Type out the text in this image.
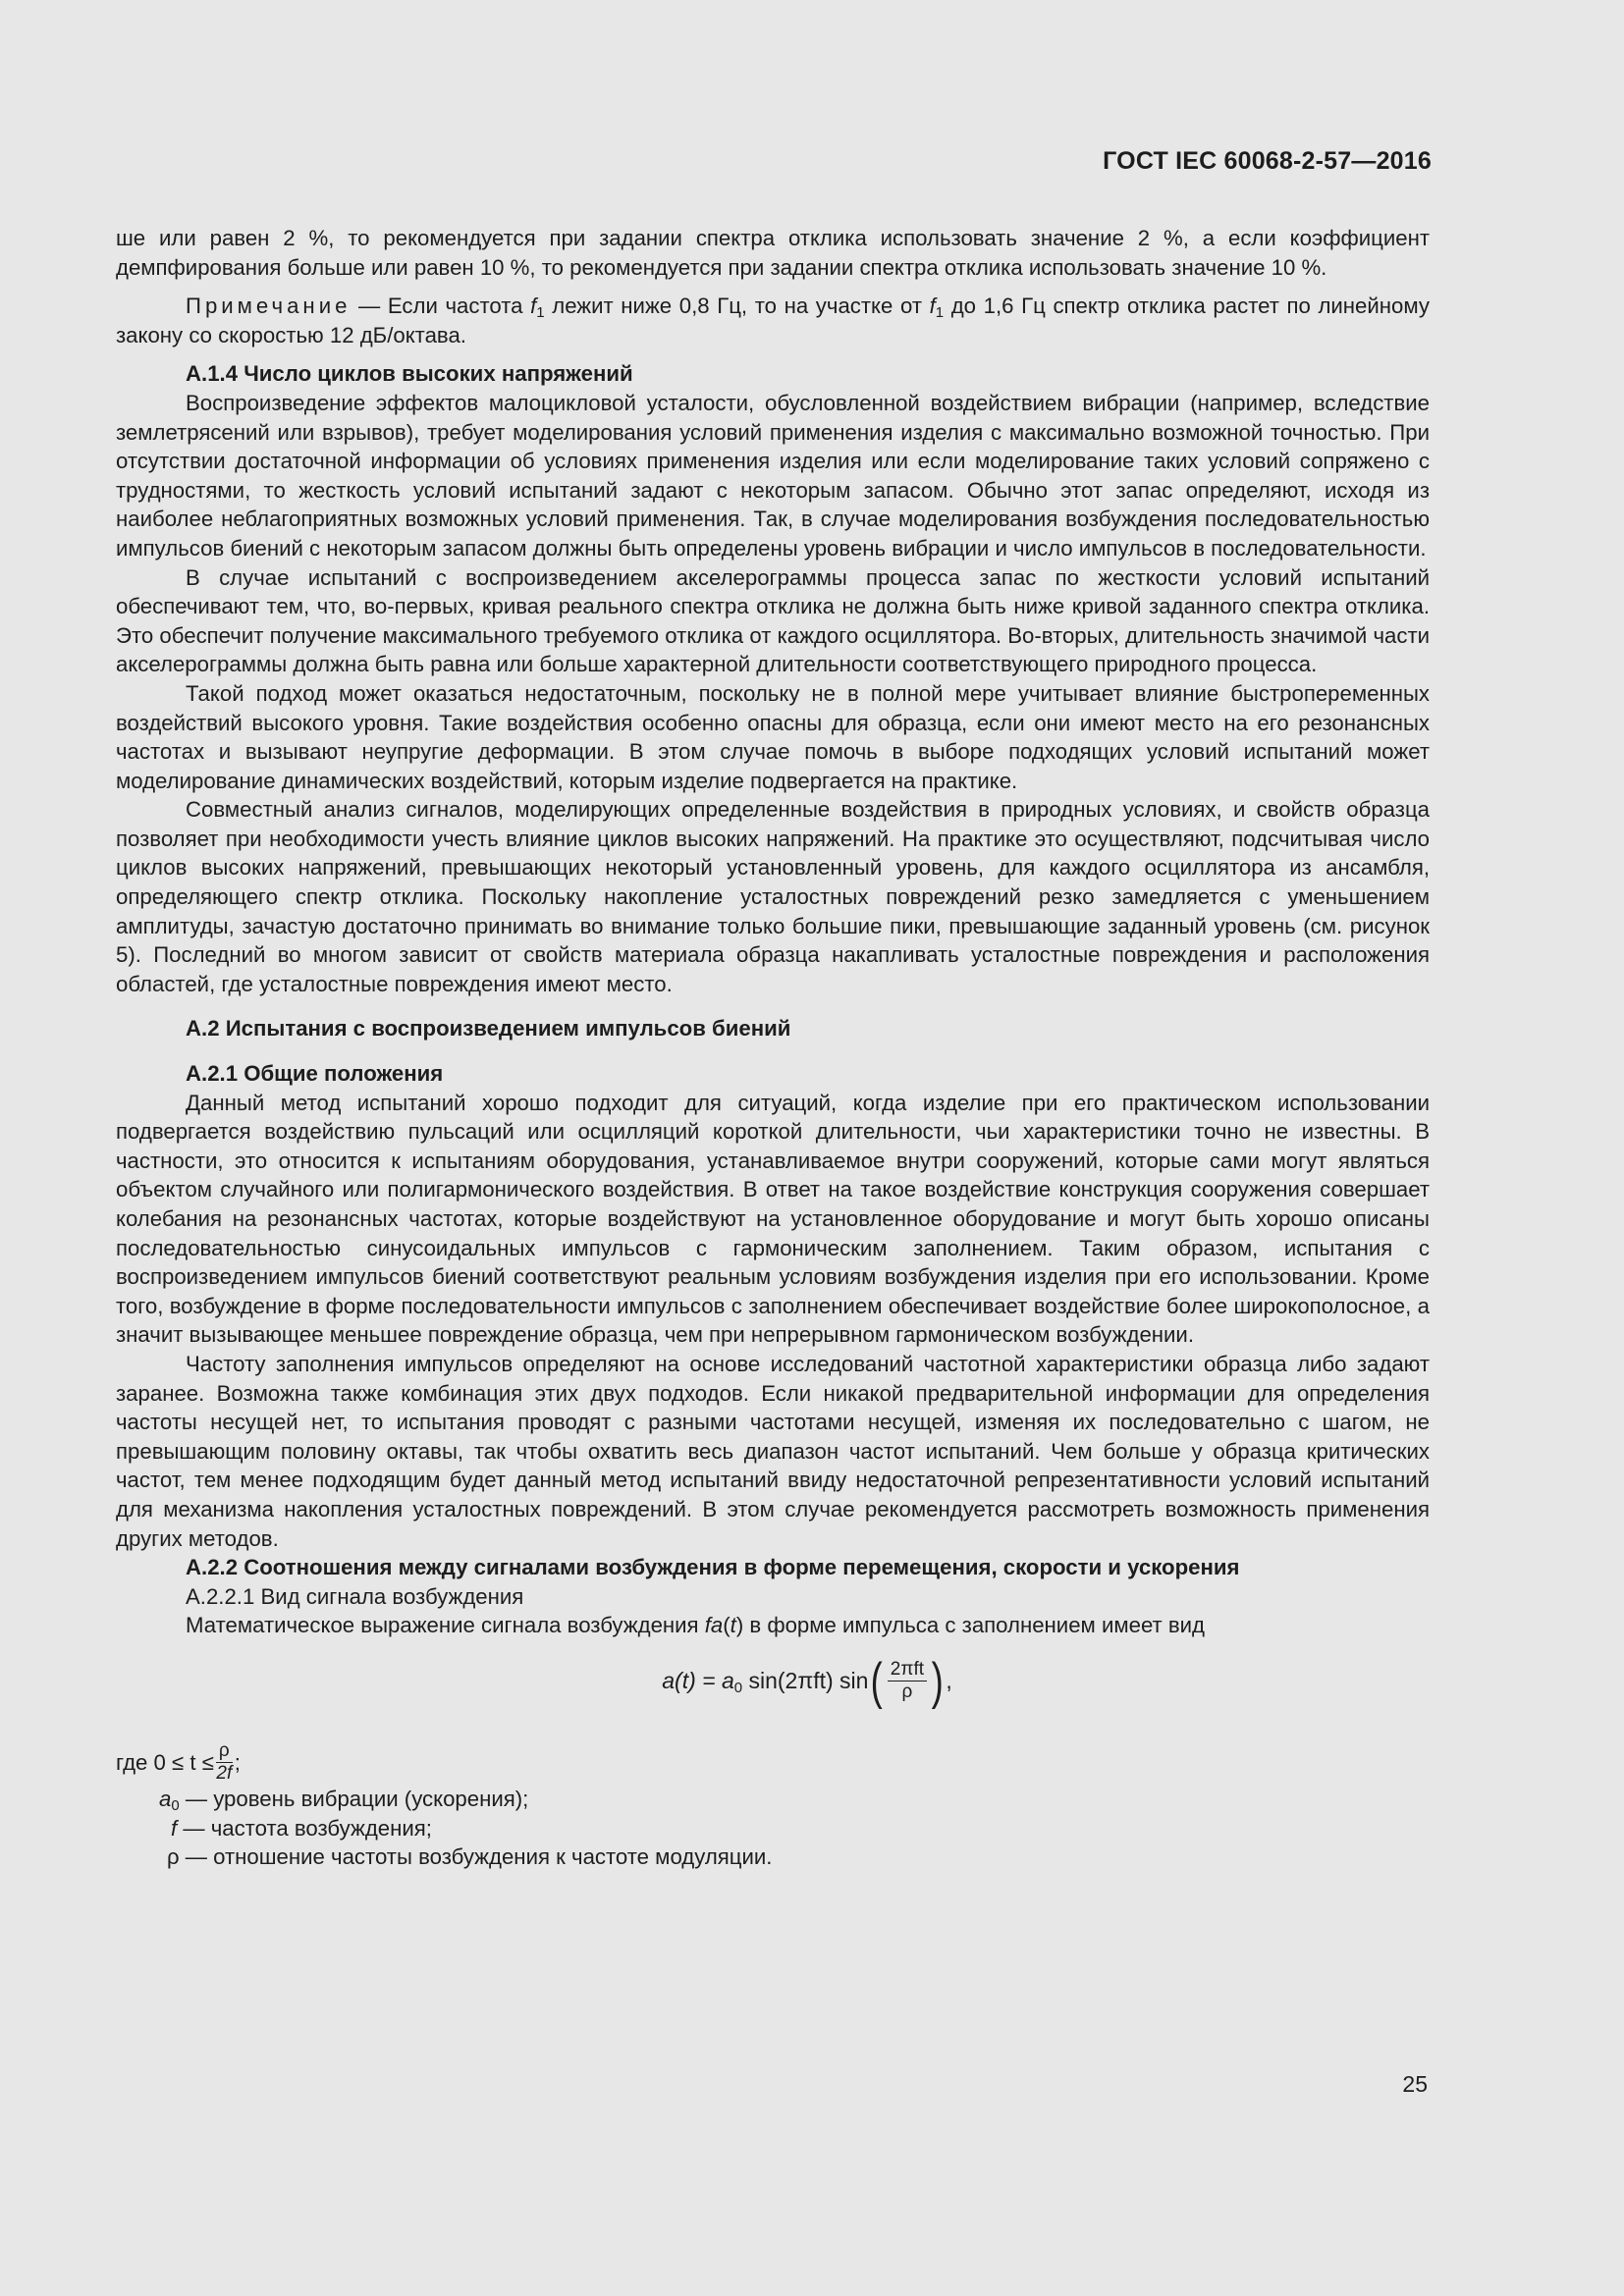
ГОСТ IEC 60068-2-57—2016

ше или равен 2 %, то рекомендуется при задании спектра отклика использовать значение 2 %, а если коэффициент демпфирования больше или равен 10 %, то рекомендуется при задании спектра отклика использовать значение 10 %.

Примечание — Если частота $f_1$ лежит ниже 0,8 Гц, то на участке от $f_1$ до 1,6 Гц спектр отклика растет по линейному закону со скоростью 12 дБ/октава.

А.1.4 Число циклов высоких напряжений

Воспроизведение эффектов малоцикловой усталости, обусловленной воздействием вибрации (например, вследствие землетрясений или взрывов), требует моделирования условий применения изделия с максимально возможной точностью. При отсутствии достаточной информации об условиях применения изделия или если моделирование таких условий сопряжено с трудностями, то жесткость условий испытаний задают с некоторым запасом. Обычно этот запас определяют, исходя из наиболее неблагоприятных возможных условий применения. Так, в случае моделирования возбуждения последовательностью импульсов биений с некоторым запасом должны быть определены уровень вибрации и число импульсов в последовательности.

В случае испытаний с воспроизведением акселерограммы процесса запас по жесткости условий испытаний обеспечивают тем, что, во-первых, кривая реального спектра отклика не должна быть ниже кривой заданного спектра отклика. Это обеспечит получение максимального требуемого отклика от каждого осциллятора. Во-вторых, длительность значимой части акселерограммы должна быть равна или больше характерной длительности соответствующего природного процесса.

Такой подход может оказаться недостаточным, поскольку не в полной мере учитывает влияние быстропеременных воздействий высокого уровня. Такие воздействия особенно опасны для образца, если они имеют место на его резонансных частотах и вызывают неупругие деформации. В этом случае помочь в выборе подходящих условий испытаний может моделирование динамических воздействий, которым изделие подвергается на практике.

Совместный анализ сигналов, моделирующих определенные воздействия в природных условиях, и свойств образца позволяет при необходимости учесть влияние циклов высоких напряжений. На практике это осуществляют, подсчитывая число циклов высоких напряжений, превышающих некоторый установленный уровень, для каждого осциллятора из ансамбля, определяющего спектр отклика. Поскольку накопление усталостных повреждений резко замедляется с уменьшением амплитуды, зачастую достаточно принимать во внимание только большие пики, превышающие заданный уровень (см. рисунок 5). Последний во многом зависит от свойств материала образца накапливать усталостные повреждения и расположения областей, где усталостные повреждения имеют место.

А.2 Испытания с воспроизведением импульсов биений

А.2.1 Общие положения

Данный метод испытаний хорошо подходит для ситуаций, когда изделие при его практическом использовании подвергается воздействию пульсаций или осцилляций короткой длительности, чьи характеристики точно не известны. В частности, это относится к испытаниям оборудования, устанавливаемое внутри сооружений, которые сами могут являться объектом случайного или полигармонического воздействия. В ответ на такое воздействие конструкция сооружения совершает колебания на резонансных частотах, которые воздействуют на установленное оборудование и могут быть хорошо описаны последовательностью синусоидальных импульсов с гармоническим заполнением. Таким образом, испытания с воспроизведением импульсов биений соответствуют реальным условиям возбуждения изделия при его использовании. Кроме того, возбуждение в форме последовательности импульсов с заполнением обеспечивает воздействие более широкополосное, а значит вызывающее меньшее повреждение образца, чем при непрерывном гармоническом возбуждении.

Частоту заполнения импульсов определяют на основе исследований частотной характеристики образца либо задают заранее. Возможна также комбинация этих двух подходов. Если никакой предварительной информации для определения частоты несущей нет, то испытания проводят с разными частотами несущей, изменяя их последовательно с шагом, не превышающим половину октавы, так чтобы охватить весь диапазон частот испытаний. Чем больше у образца критических частот, тем менее подходящим будет данный метод испытаний ввиду недостаточной репрезентативности условий испытаний для механизма накопления усталостных повреждений. В этом случае рекомендуется рассмотреть возможность применения других методов.

А.2.2 Соотношения между сигналами возбуждения в форме перемещения, скорости и ускорения

А.2.2.1 Вид сигнала возбуждения

Математическое выражение сигнала возбуждения fa(t) в форме импульса с заполнением имеет вид

$a(t) = a_0$ sin(2πft) sin ( $\frac{\text{2πft}}{\rho}$ ) ,

где $0 \le t \le \frac{\rho}{2f}$ ;

$a_0$ — уровень вибрации (ускорения);

f — частота возбуждения;

ρ — отношение частоты возбуждения к частоте модуляции.

25
